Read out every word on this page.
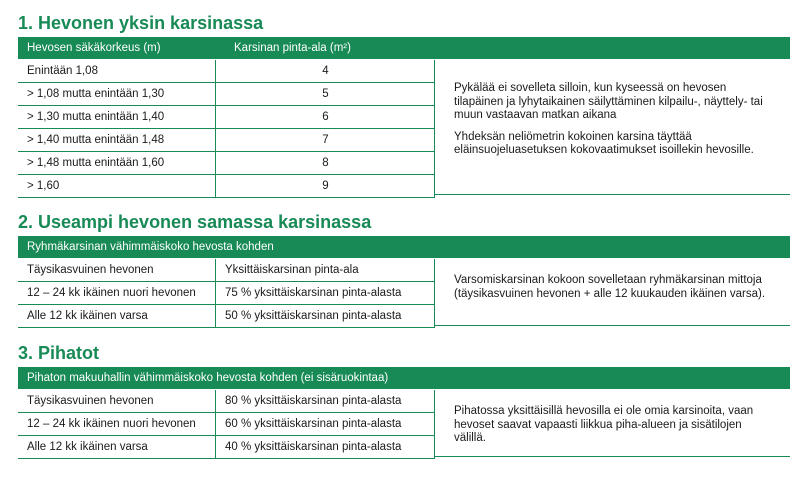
1. Hevonen yksin karsinassa
Hevosen säkäkorkeus (m)	Karsinan pinta-ala (m²)
Enintään 1,08	4
> 1,08 mutta enintään 1,30	5
> 1,30 mutta enintään 1,40	6
> 1,40 mutta enintään 1,48	7
> 1,48 mutta enintään 1,60	8
> 1,60	9

Pykälää ei sovelleta silloin, kun kyseessä on hevosen tilapäinen ja lyhytaikainen säilyttäminen kilpailu-, näyttely- tai muun vastaavan matkan aikana

Yhdeksän neliömetrin kokoinen karsina täyttää eläinsuojeluasetuksen kokovaatimukset isoillekin hevosille.

2. Useampi hevonen samassa karsinassa
Ryhmäkarsinan vähimmäiskoko hevosta kohden
Täysikasvuinen hevonen	Yksittäiskarsinan pinta-ala
12 – 24 kk ikäinen nuori hevonen	75 % yksittäiskarsinan pinta-alasta
Alle 12 kk ikäinen varsa	50 % yksittäiskarsinan pinta-alasta

Varsomiskarsinan kokoon sovelletaan ryhmäkarsinan mittoja (täysikasvuinen hevonen + alle 12 kuukauden ikäinen varsa).

3. Pihatot
Pihaton makuuhallin vähimmäiskoko hevosta kohden (ei sisäruokintaa)
Täysikasvuinen hevonen	80 % yksittäiskarsinan pinta-alasta
12 – 24 kk ikäinen nuori hevonen	60 % yksittäiskarsinan pinta-alasta
Alle 12 kk ikäinen varsa	40 % yksittäiskarsinan pinta-alasta

Pihatossa yksittäisillä hevosilla ei ole omia karsinoita, vaan hevoset saavat vapaasti liikkua piha-alueen ja sisätilojen välillä.
